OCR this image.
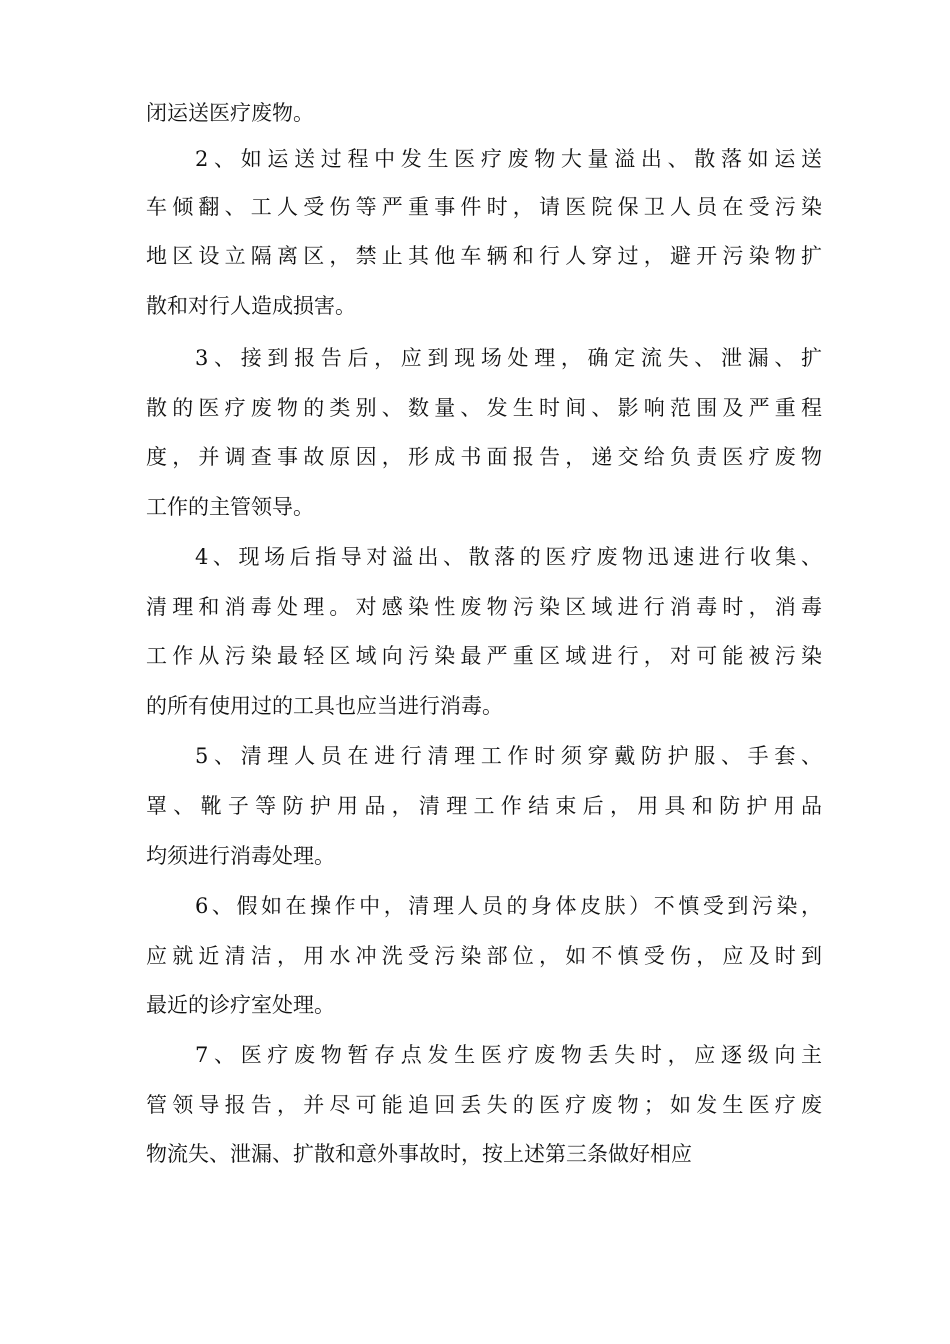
闭运送医疗废物。
2、如运送过程中发生医疗废物大量溢出、散落如运送
车倾翻、工人受伤等严重事件时，请医院保卫人员在受污染
地区设立隔离区，禁止其他车辆和行人穿过，避开污染物扩
散和对行人造成损害。
3、接到报告后，应到现场处理，确定流失、泄漏、扩
散的医疗废物的类别、数量、发生时间、影响范围及严重程
度，并调查事故原因，形成书面报告，递交给负责医疗废物
工作的主管领导。
4、现场后指导对溢出、散落的医疗废物迅速进行收集、
清理和消毒处理。对感染性废物污染区域进行消毒时，消毒
工作从污染最轻区域向污染最严重区域进行，对可能被污染
的所有使用过的工具也应当进行消毒。
5、清理人员在进行清理工作时须穿戴防护服、手套、
罩、靴子等防护用品，清理工作结束后，用具和防护用品
均须进行消毒处理。
6、假如在操作中，清理人员的身体皮肤）不慎受到污染，
应就近清洁，用水冲洗受污染部位，如不慎受伤，应及时到
最近的诊疗室处理。
7、医疗废物暂存点发生医疗废物丢失时，应逐级向主
管领导报告，并尽可能追回丢失的医疗废物；如发生医疗废
物流失、泄漏、扩散和意外事故时，按上述第三条做好相应
